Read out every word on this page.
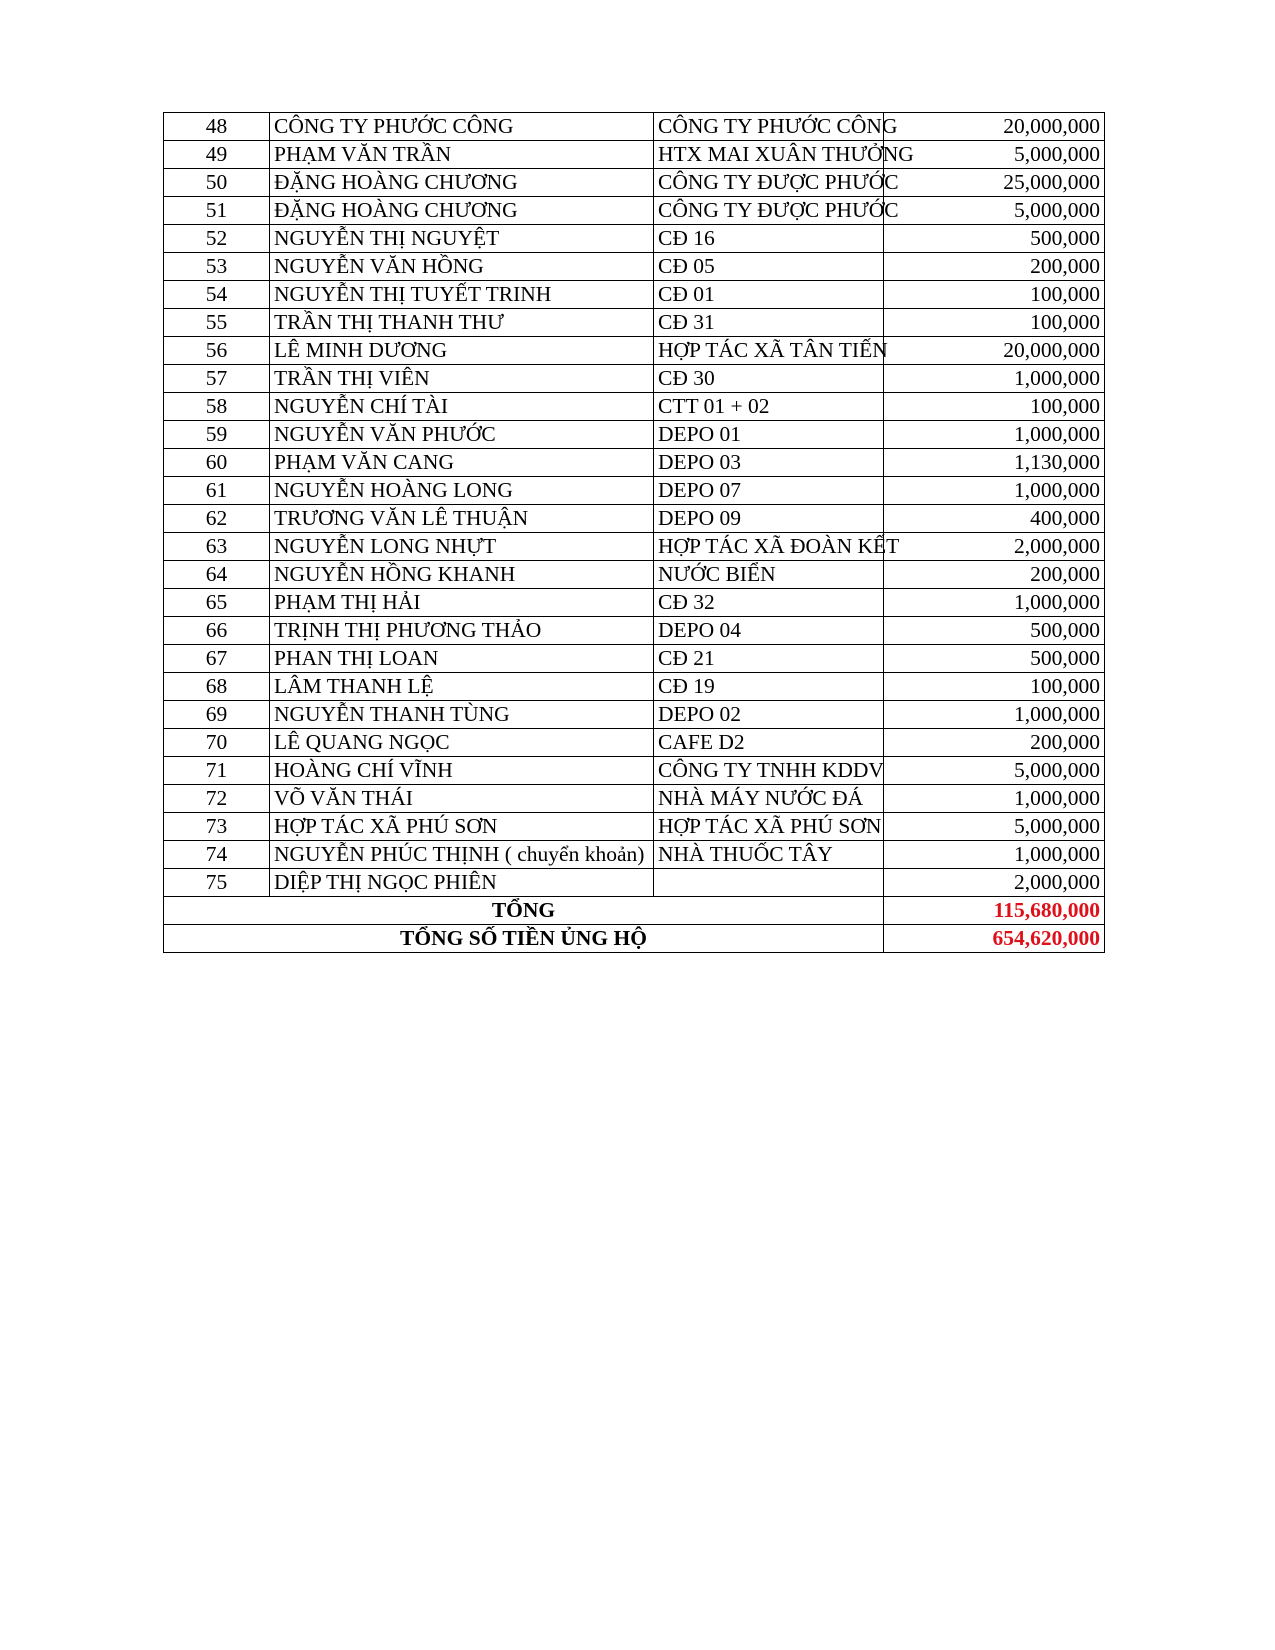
48	CÔNG TY PHƯỚC CÔNG	CÔNG TY PHƯỚC CÔNG	20,000,000
49	PHẠM VĂN TRẦN	HTX MAI XUÂN THƯỞNG	5,000,000
50	ĐẶNG HOÀNG CHƯƠNG	CÔNG TY ĐƯỢC PHƯỚC	25,000,000
51	ĐẶNG HOÀNG CHƯƠNG	CÔNG TY ĐƯỢC PHƯỚC	5,000,000
52	NGUYỄN THỊ NGUYỆT	CĐ 16	500,000
53	NGUYỄN VĂN HỒNG	CĐ 05	200,000
54	NGUYỄN THỊ TUYẾT TRINH	CĐ 01	100,000
55	TRẦN THỊ THANH THƯ	CĐ 31	100,000
56	LÊ MINH DƯƠNG	HỢP TÁC XÃ TÂN TIẾN	20,000,000
57	TRẦN THỊ VIÊN	CĐ 30	1,000,000
58	NGUYỄN CHÍ TÀI	CTT 01 + 02	100,000
59	NGUYỄN VĂN PHƯỚC	DEPO 01	1,000,000
60	PHẠM VĂN CANG	DEPO 03	1,130,000
61	NGUYỄN HOÀNG LONG	DEPO 07	1,000,000
62	TRƯƠNG VĂN LÊ THUẬN	DEPO 09	400,000
63	NGUYỄN LONG NHỰT	HỢP TÁC XÃ ĐOÀN KẾT	2,000,000
64	NGUYỄN HỒNG KHANH	NƯỚC BIỂN	200,000
65	PHẠM THỊ HẢI	CĐ 32	1,000,000
66	TRỊNH THỊ PHƯƠNG THẢO	DEPO 04	500,000
67	PHAN THỊ LOAN	CĐ 21	500,000
68	LÂM THANH LỆ	CĐ 19	100,000
69	NGUYỄN THANH TÙNG	DEPO 02	1,000,000
70	LÊ QUANG NGỌC	CAFE D2	200,000
71	HOÀNG CHÍ VĨNH	CÔNG TY TNHH KDDV	5,000,000
72	VÕ VĂN THÁI	NHÀ MÁY NƯỚC ĐÁ	1,000,000
73	HỢP TÁC XÃ PHÚ SƠN	HỢP TÁC XÃ PHÚ SƠN	5,000,000
74	NGUYỄN PHÚC THỊNH ( chuyển khoản)	NHÀ THUỐC TÂY	1,000,000
75	DIỆP THỊ NGỌC PHIÊN		2,000,000
TỔNG			115,680,000
TỔNG SỐ TIỀN ỦNG HỘ			654,620,000
